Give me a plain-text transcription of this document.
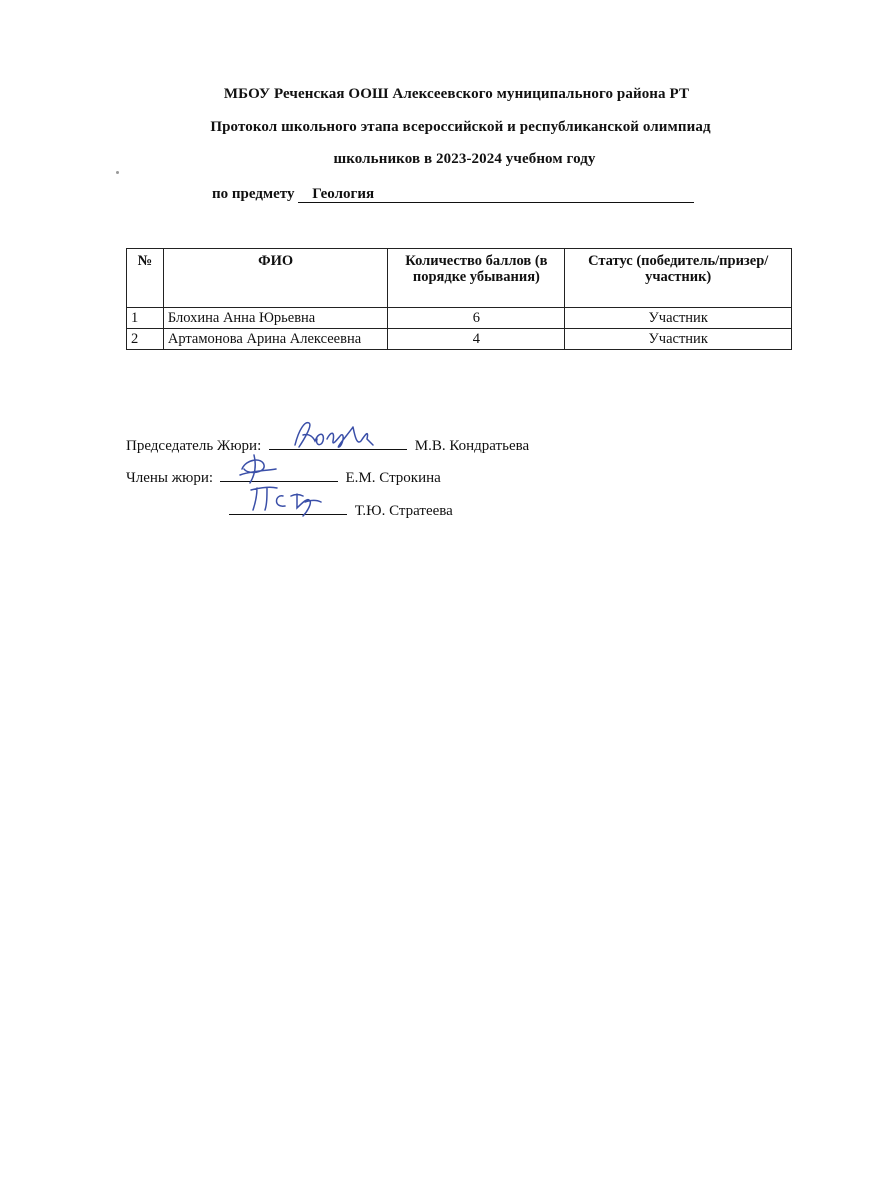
МБОУ Реченская ООШ Алексеевского муниципального района РТ
Протокол школьного этапа всероссийской и республиканской олимпиад
школьников в 2023-2024 учебном году
по предмету Геология
№	ФИО	Количество баллов (в порядке убывания)	Статус (победитель/призер/участник)
1	Блохина Анна Юрьевна	6	Участник
2	Артамонова Арина Алексеевна	4	Участник
Председатель Жюри:	М.В. Кондратьева
Члены жюри:	Е.М. Строкина
Т.Ю. Стратеева
